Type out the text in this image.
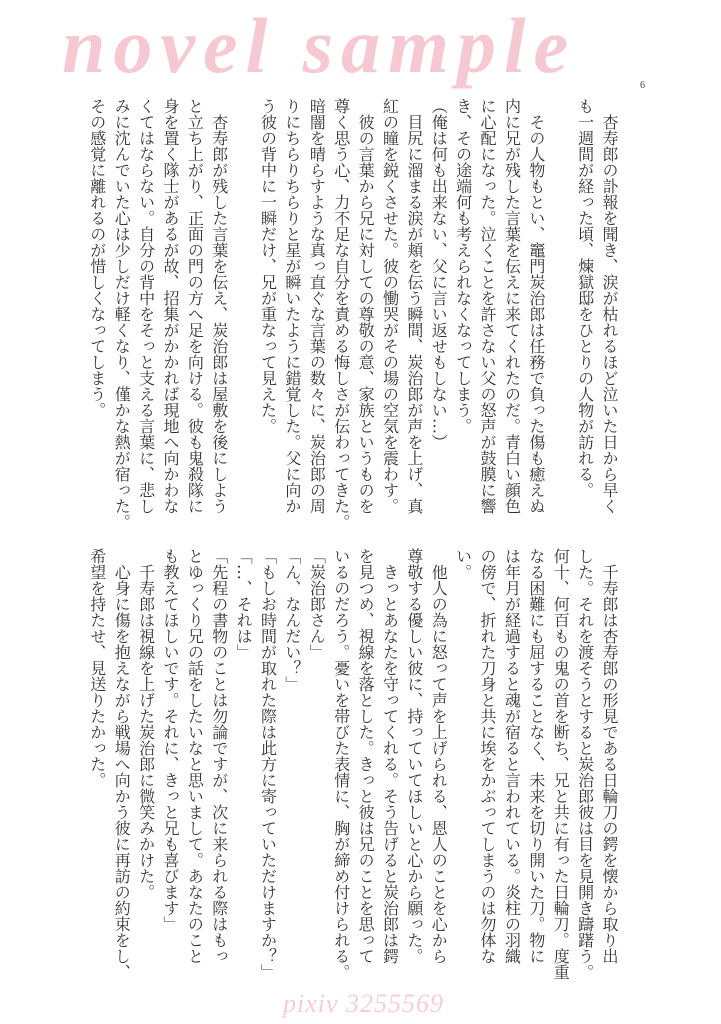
novel sample	6
　杏寿郎の訃報を聞き、涙が枯れるほど泣いた日から早く
も一週間が経った頃、煉獄邸をひとりの人物が訪れる。
　その人物もとい、竈門炭治郎は任務で負った傷も癒えぬ
内に兄が残した言葉を伝えに来てくれたのだ。青白い顔色
に心配になった。泣くことを許さない父の怒声が鼓膜に響
き、その途端何も考えられなくなってしまう。
（俺は何も出来ない、父に言い返せもしない…）
　目尻に溜まる涙が頬を伝う瞬間、炭治郎が声を上げ、真
紅の瞳を鋭くさせた。彼の慟哭がその場の空気を震わす。
　彼の言葉から兄に対しての尊敬の意、家族というものを
尊く思う心、力不足な自分を責める悔しさが伝わってきた。
暗闇を晴らすような真っ直ぐな言葉の数々に、炭治郎の周
りにちらりちらりと星が瞬いたように錯覚した。父に向か
う彼の背中に一瞬だけ、兄が重なって見えた。
　杏寿郎が残した言葉を伝え、炭治郎は屋敷を後にしよう
と立ち上がり、正面の門の方へ足を向ける。彼も鬼殺隊に
身を置く隊士があるが故、招集がかかれば現地へ向かわな
くてはならない。自分の背中をそっと支える言葉に、悲し
みに沈んでいた心は少しだけ軽くなり、僅かな熱が宿った。
その感覚に離れるのが惜しくなってしまう。
　千寿郎は杏寿郎の形見である日輪刀の鍔を懐から取り出
した。それを渡そうとすると炭治郎彼は目を見開き躊躇う。
何十、何百もの鬼の首を断ち、兄と共に有った日輪刀。度重
なる困難にも屈することなく、未来を切り開いた刀。物に
は年月が経過すると魂が宿ると言われている。炎柱の羽織
の傍で、折れた刀身と共に埃をかぶってしまうのは勿体な
い。
　他人の為に怒って声を上げられる、恩人のことを心から
尊敬する優しい彼に、持っていてほしいと心から願った。
　きっとあなたを守ってくれる。そう告げると炭治郎は鍔
を見つめ、視線を落とした。きっと彼は兄のことを思って
いるのだろう。憂いを帯びた表情に、胸が締め付けられる。
「炭治郎さん」
「ん、なんだい？」
「もしお時間が取れた際は此方に寄っていただけますか？」
「…、それは」
「先程の書物のことは勿論ですが、次に来られる際はもっ
とゆっくり兄の話をしたいなと思いまして。あなたのこと
も教えてほしいです。それに、きっと兄も喜びます」
　千寿郎は視線を上げた炭治郎に微笑みかけた。
　心身に傷を抱えながら戦場へ向かう彼に再訪の約束をし、
希望を持たせ、見送りたかった。
pixiv 3255569
